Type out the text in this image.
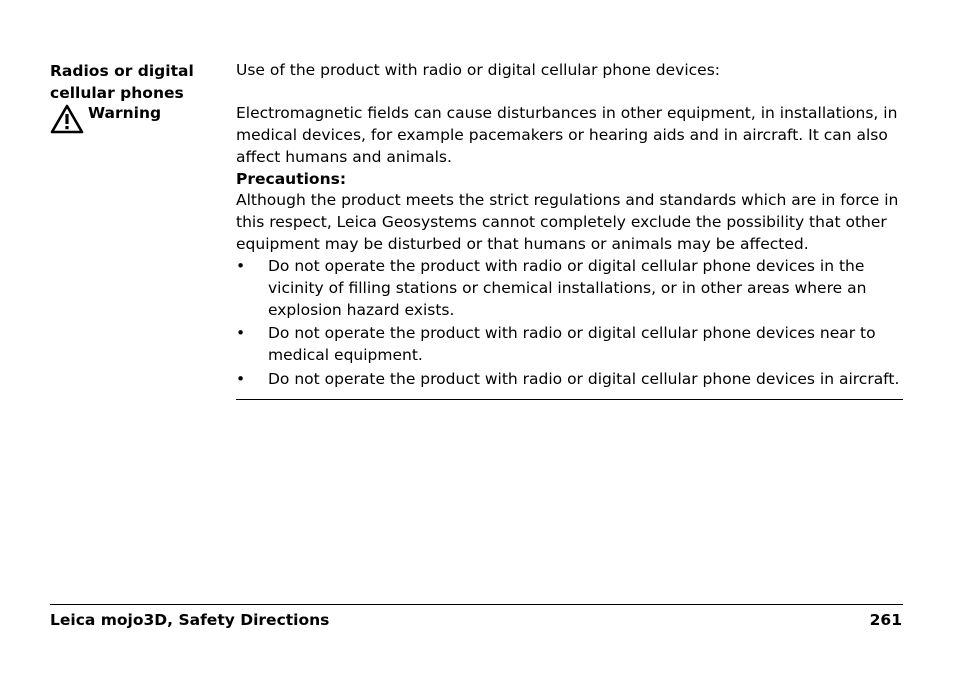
Radios or digital cellular phones
Warning

Use of the product with radio or digital cellular phone devices:

Electromagnetic fields can cause disturbances in other equipment, in installations, in medical devices, for example pacemakers or hearing aids and in aircraft. It can also affect humans and animals.

Precautions:

Although the product meets the strict regulations and standards which are in force in this respect, Leica Geosystems cannot completely exclude the possibility that other equipment may be disturbed or that humans or animals may be affected.

• Do not operate the product with radio or digital cellular phone devices in the vicinity of filling stations or chemical installations, or in other areas where an explosion hazard exists.
• Do not operate the product with radio or digital cellular phone devices near to medical equipment.
• Do not operate the product with radio or digital cellular phone devices in aircraft.
Leica mojo3D, Safety Directions	261
